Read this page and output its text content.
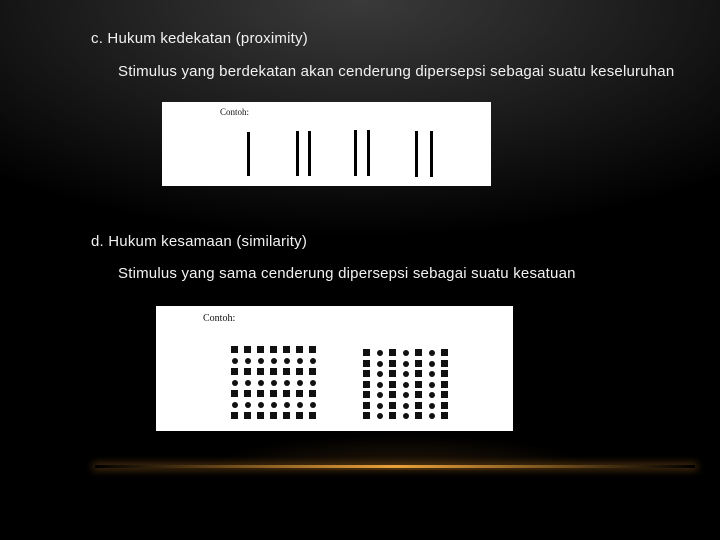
c. Hukum kedekatan (proximity)
Stimulus yang berdekatan akan cenderung dipersepsi sebagai suatu keseluruhan
Contoh:
d. Hukum kesamaan (similarity)
Stimulus yang sama cenderung dipersepsi sebagai suatu kesatuan
Contoh:
